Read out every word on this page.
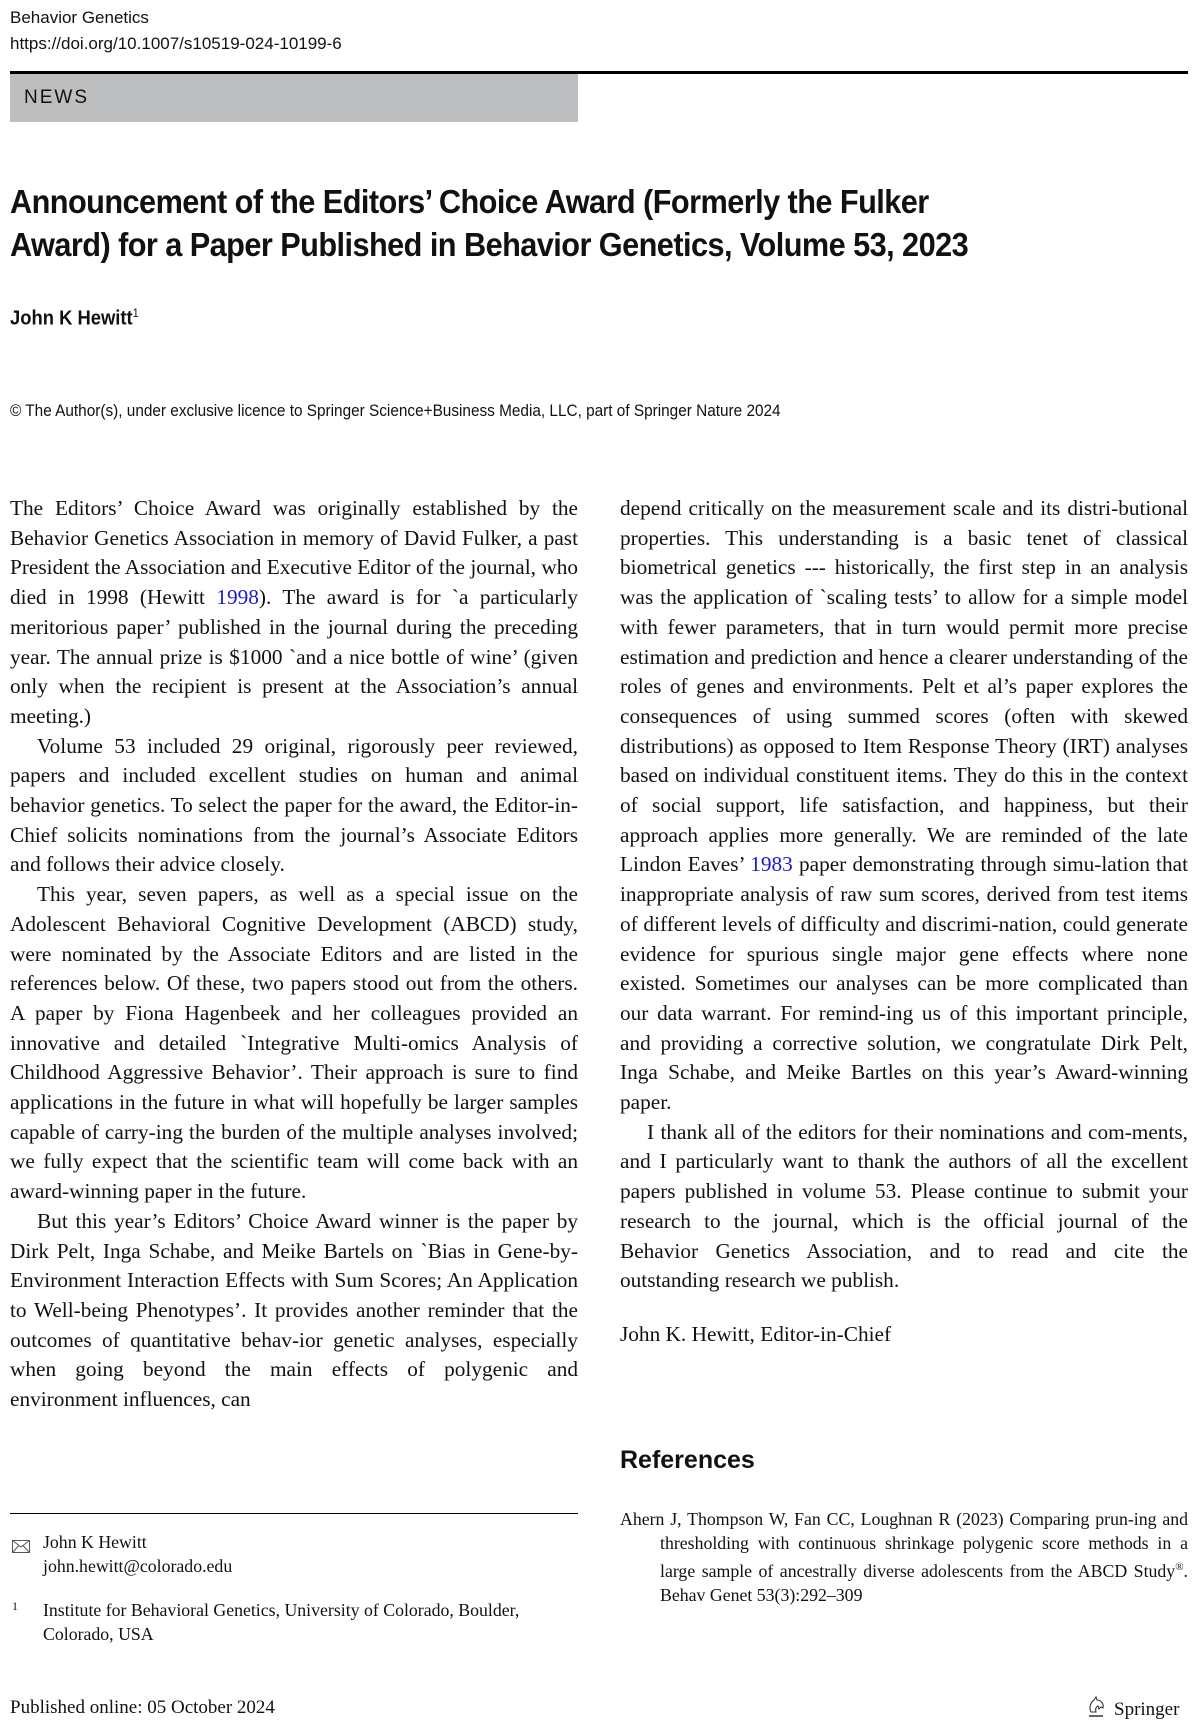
Behavior Genetics
https://doi.org/10.1007/s10519-024-10199-6
NEWS
Announcement of the Editors’ Choice Award (Formerly the Fulker Award) for a Paper Published in Behavior Genetics, Volume 53, 2023
John K Hewitt$^1$
© The Author(s), under exclusive licence to Springer Science+Business Media, LLC, part of Springer Nature 2024

The Editors’ Choice Award was originally established by the Behavior Genetics Association in memory of David Fulker, a past President the Association and Executive Editor of the journal, who died in 1998 (Hewitt 1998). The award is for `a particularly meritorious paper’ published in the journal during the preceding year. The annual prize is $1000 `and a nice bottle of wine’ (given only when the recipient is present at the Association’s annual meeting.)

Volume 53 included 29 original, rigorously peer reviewed, papers and included excellent studies on human and animal behavior genetics. To select the paper for the award, the Editor-in-Chief solicits nominations from the journal’s Associate Editors and follows their advice closely.

This year, seven papers, as well as a special issue on the Adolescent Behavioral Cognitive Development (ABCD) study, were nominated by the Associate Editors and are listed in the references below. Of these, two papers stood out from the others. A paper by Fiona Hagenbeek and her colleagues provided an innovative and detailed `Integrative Multi-omics Analysis of Childhood Aggressive Behavior’. Their approach is sure to find applications in the future in what will hopefully be larger samples capable of carry-ing the burden of the multiple analyses involved; we fully expect that the scientific team will come back with an award-winning paper in the future.

But this year’s Editors’ Choice Award winner is the paper by Dirk Pelt, Inga Schabe, and Meike Bartels on `Bias in Gene-by-Environment Interaction Effects with Sum Scores; An Application to Well-being Phenotypes’. It provides another reminder that the outcomes of quantitative behav-ior genetic analyses, especially when going beyond the main effects of polygenic and environment influences, can

depend critically on the measurement scale and its distri-butional properties. This understanding is a basic tenet of classical biometrical genetics --- historically, the first step in an analysis was the application of `scaling tests’ to allow for a simple model with fewer parameters, that in turn would permit more precise estimation and prediction and hence a clearer understanding of the roles of genes and environments. Pelt et al’s paper explores the consequences of using summed scores (often with skewed distributions) as opposed to Item Response Theory (IRT) analyses based on individual constituent items. They do this in the context of social support, life satisfaction, and happiness, but their approach applies more generally. We are reminded of the late Lindon Eaves’ 1983 paper demonstrating through simu-lation that inappropriate analysis of raw sum scores, derived from test items of different levels of difficulty and discrimi-nation, could generate evidence for spurious single major gene effects where none existed. Sometimes our analyses can be more complicated than our data warrant. For remind-ing us of this important principle, and providing a corrective solution, we congratulate Dirk Pelt, Inga Schabe, and Meike Bartles on this year’s Award-winning paper.

I thank all of the editors for their nominations and com-ments, and I particularly want to thank the authors of all the excellent papers published in volume 53. Please continue to submit your research to the journal, which is the official journal of the Behavior Genetics Association, and to read and cite the outstanding research we publish.

John K. Hewitt, Editor-in-Chief

References
Ahern J, Thompson W, Fan CC, Loughnan R (2023) Comparing prun-ing and thresholding with continuous shrinkage polygenic score methods in a large sample of ancestrally diverse adolescents from the ABCD Study®. Behav Genet 53(3):292–309
John K Hewitt
john.hewitt@colorado.edu
1 Institute for Behavioral Genetics, University of Colorado, Boulder, Colorado, USA
Published online: 05 October 2024	Springer
